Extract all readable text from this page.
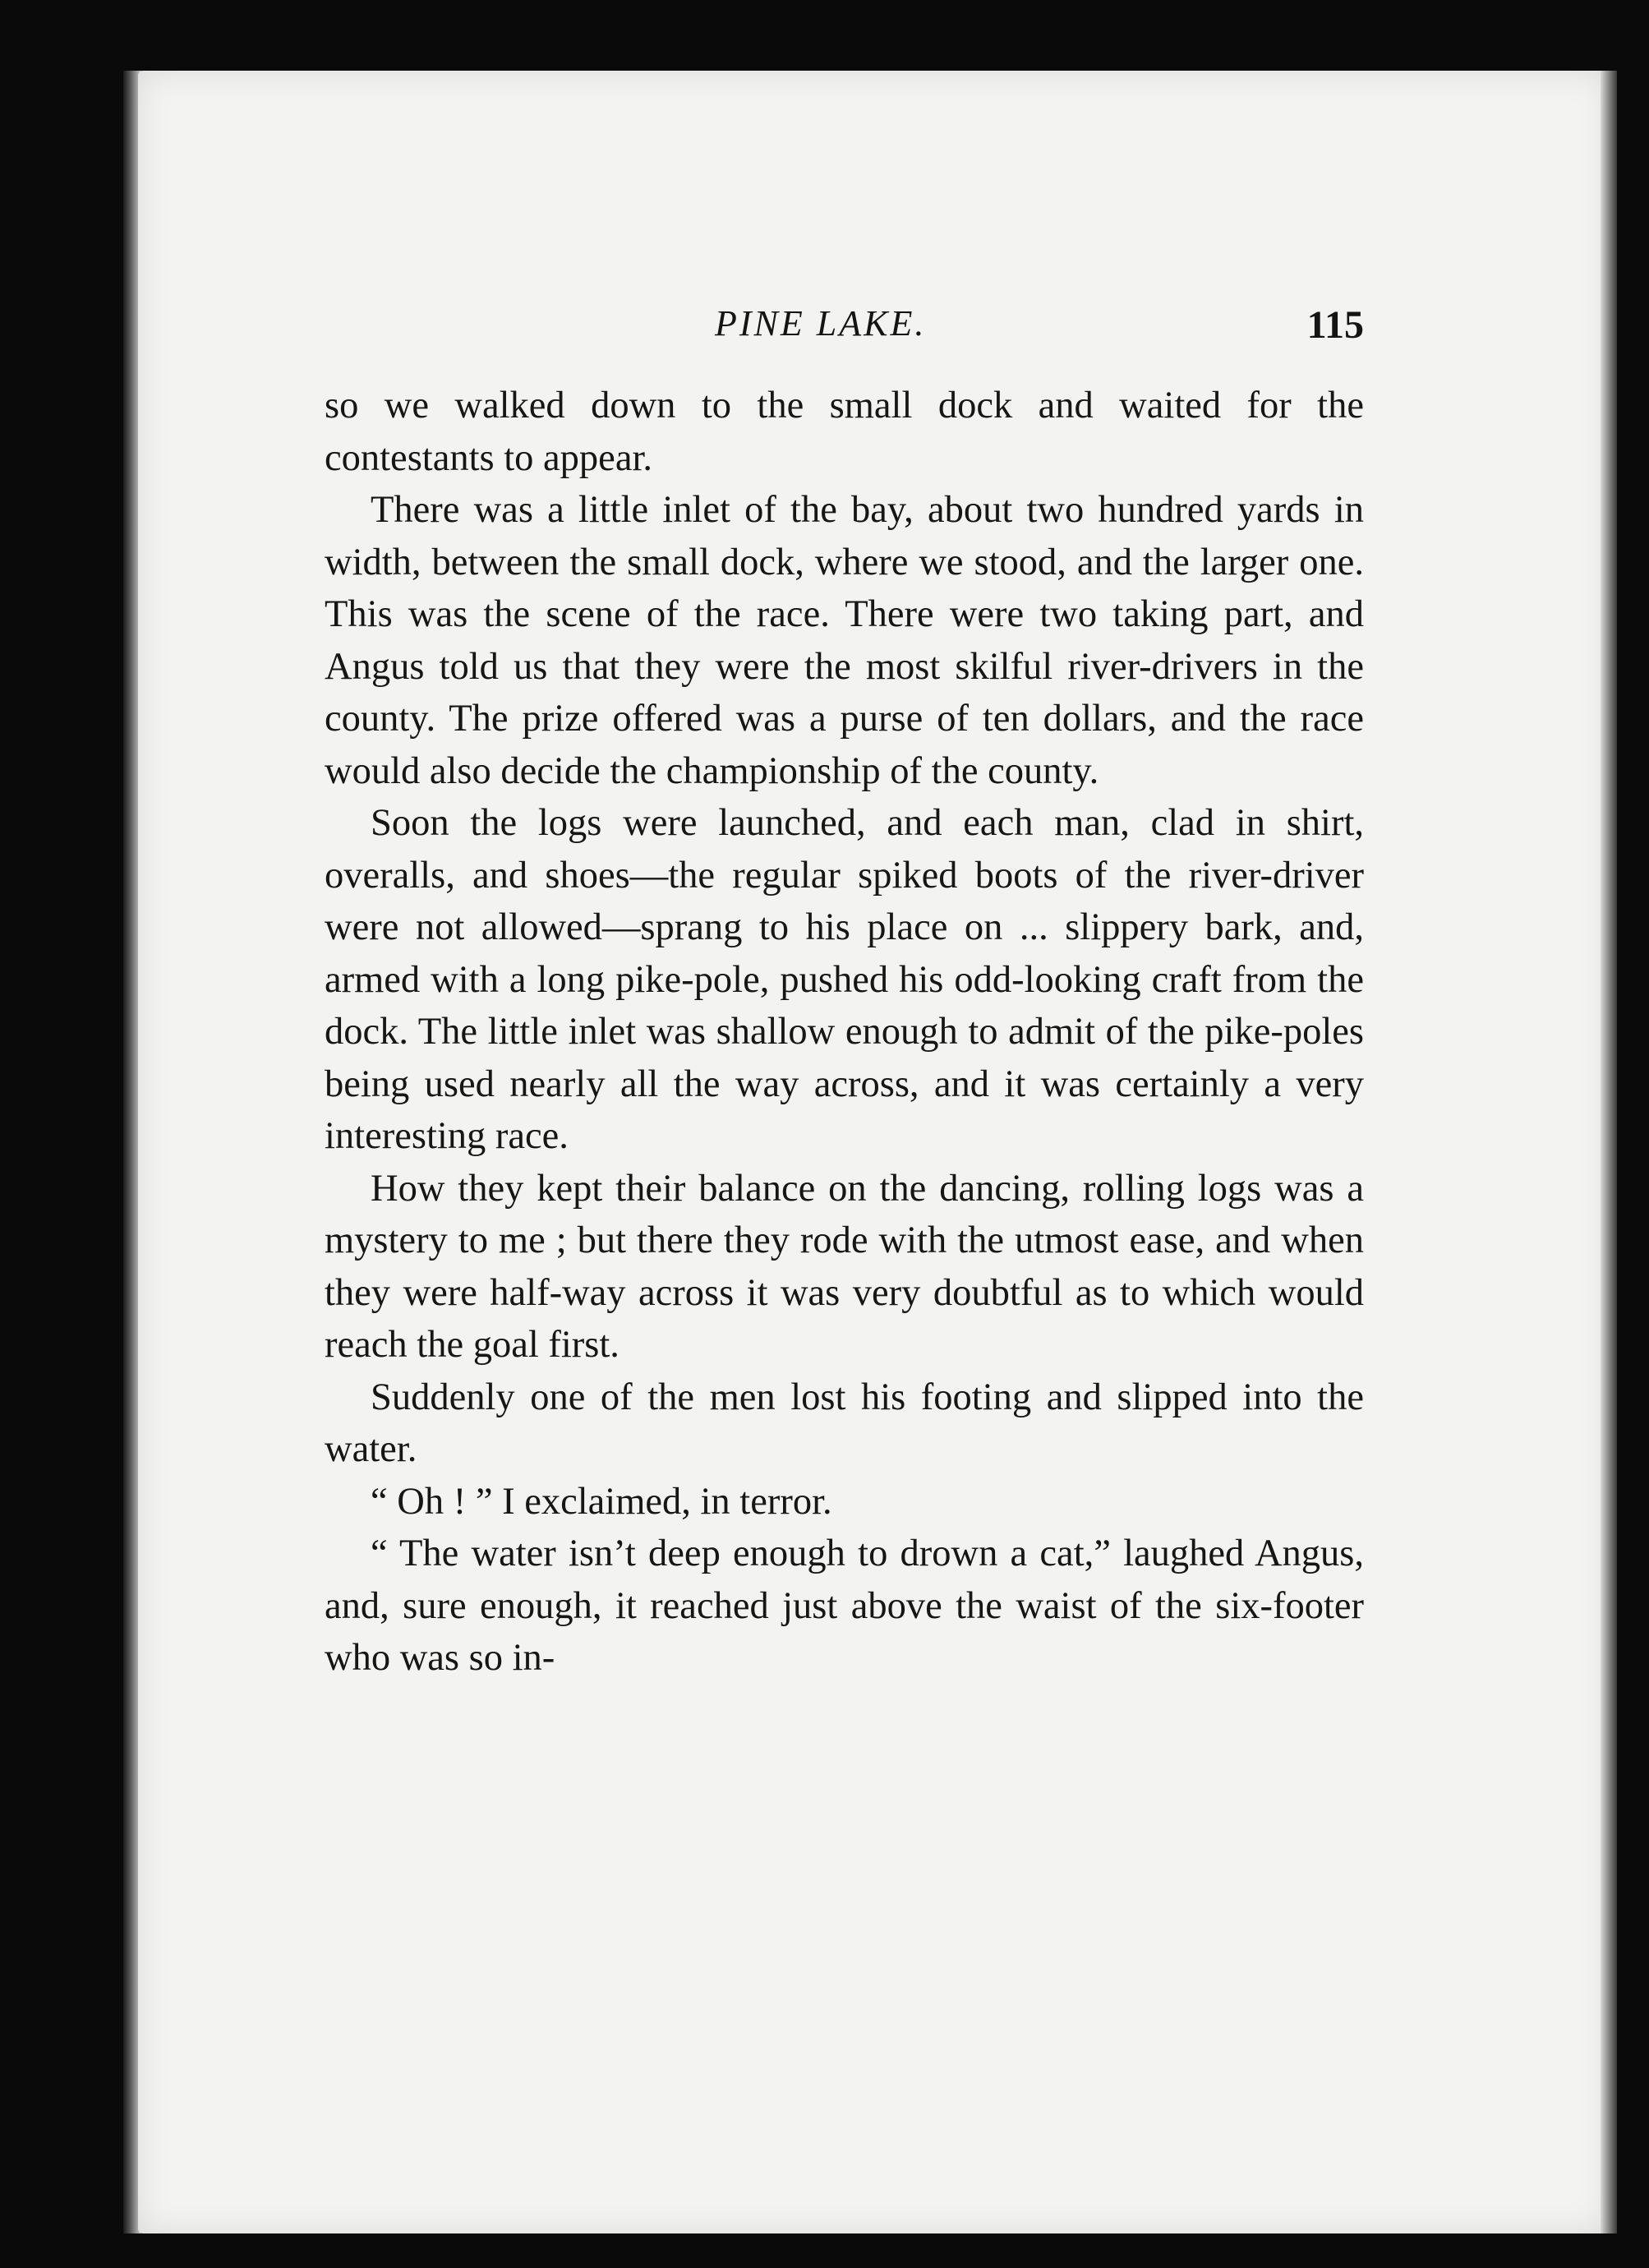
PINE LAKE.	115

so we walked down to the small dock and waited for the contestants to appear.

There was a little inlet of the bay, about two hundred yards in width, between the small dock, where we stood, and the larger one. This was the scene of the race. There were two taking part, and Angus told us that they were the most skilful river-drivers in the county. The prize offered was a purse of ten dollars, and the race would also decide the championship of the county.

Soon the logs were launched, and each man, clad in shirt, overalls, and shoes—the regular spiked boots of the river-driver were not allowed—sprang to his place on ... slippery bark, and, armed with a long pike-pole, pushed his odd-looking craft from the dock. The little inlet was shallow enough to admit of the pike-poles being used nearly all the way across, and it was certainly a very interesting race.

How they kept their balance on the dancing, rolling logs was a mystery to me ; but there they rode with the utmost ease, and when they were half-way across it was very doubtful as to which would reach the goal first.

Suddenly one of the men lost his footing and slipped into the water.

“ Oh ! ” I exclaimed, in terror.

“ The water isn’t deep enough to drown a cat,” laughed Angus, and, sure enough, it reached just above the waist of the six-footer who was so in-
